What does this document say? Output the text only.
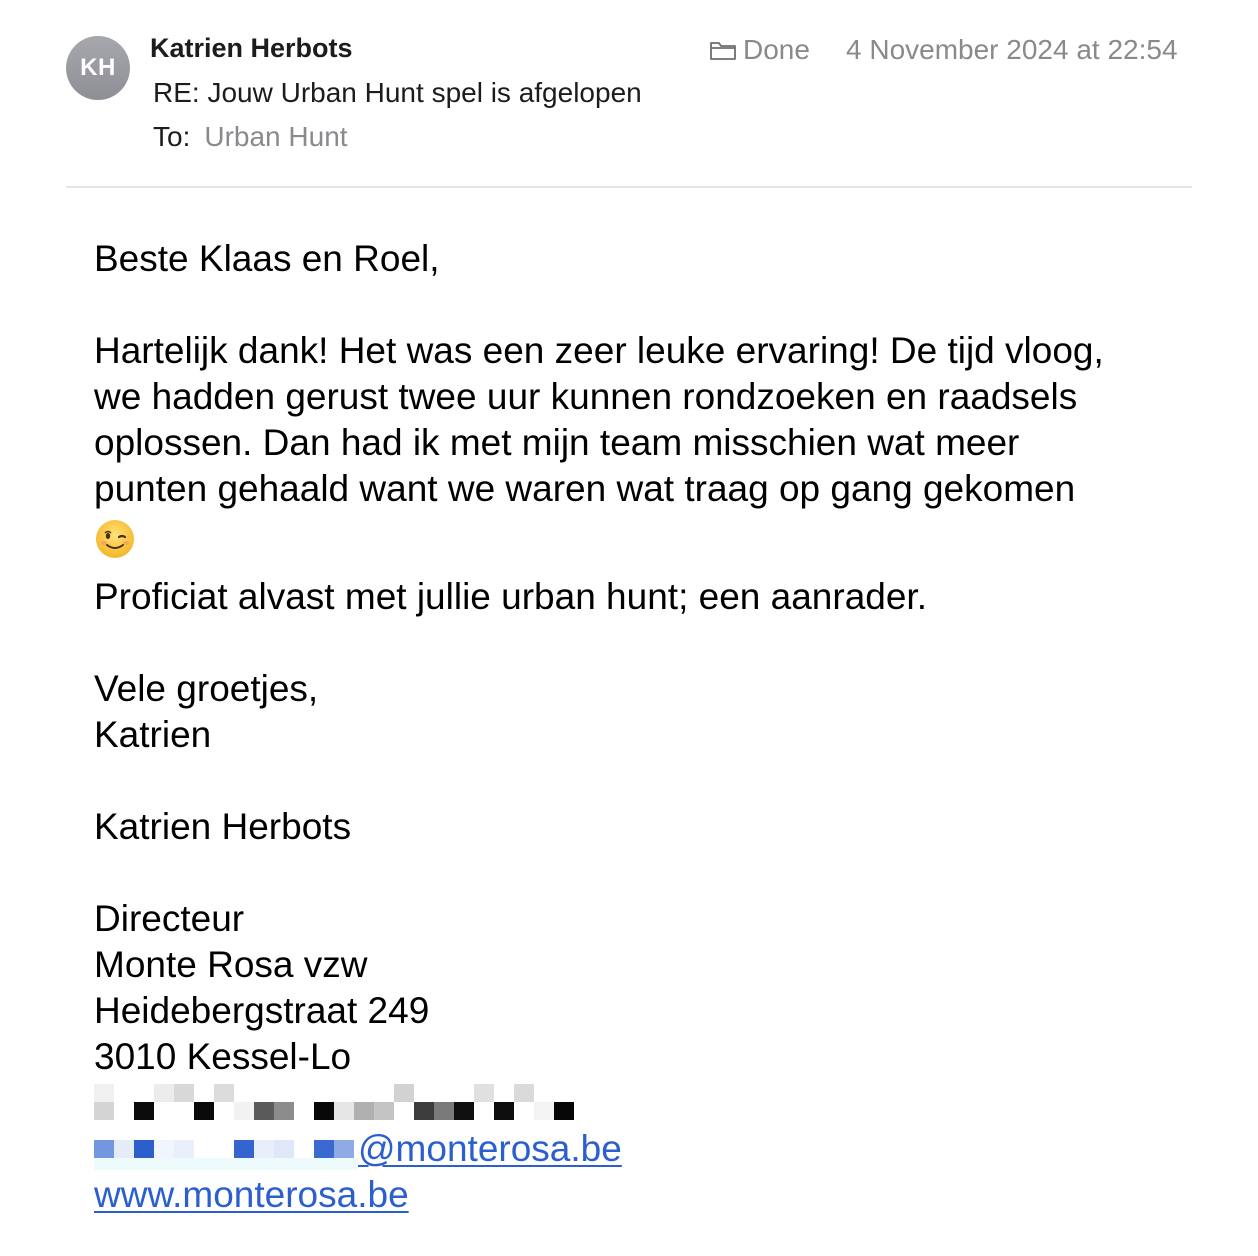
KH
Katrien Herbots
RE: Jouw Urban Hunt spel is afgelopen
To: Urban Hunt
Done 4 November 2024 at 22:54

Beste Klaas en Roel,

Hartelijk dank! Het was een zeer leuke ervaring! De tijd vloog,

we hadden gerust twee uur kunnen rondzoeken en raadsels

oplossen. Dan had ik met mijn team misschien wat meer

punten gehaald want we waren wat traag op gang gekomen

Proficiat alvast met jullie urban hunt; een aanrader.

Vele groetjes,

Katrien

Katrien Herbots

Directeur

Monte Rosa vzw

Heidebergstraat 249

3010 Kessel-Lo

@monterosa.be

www.monterosa.be
